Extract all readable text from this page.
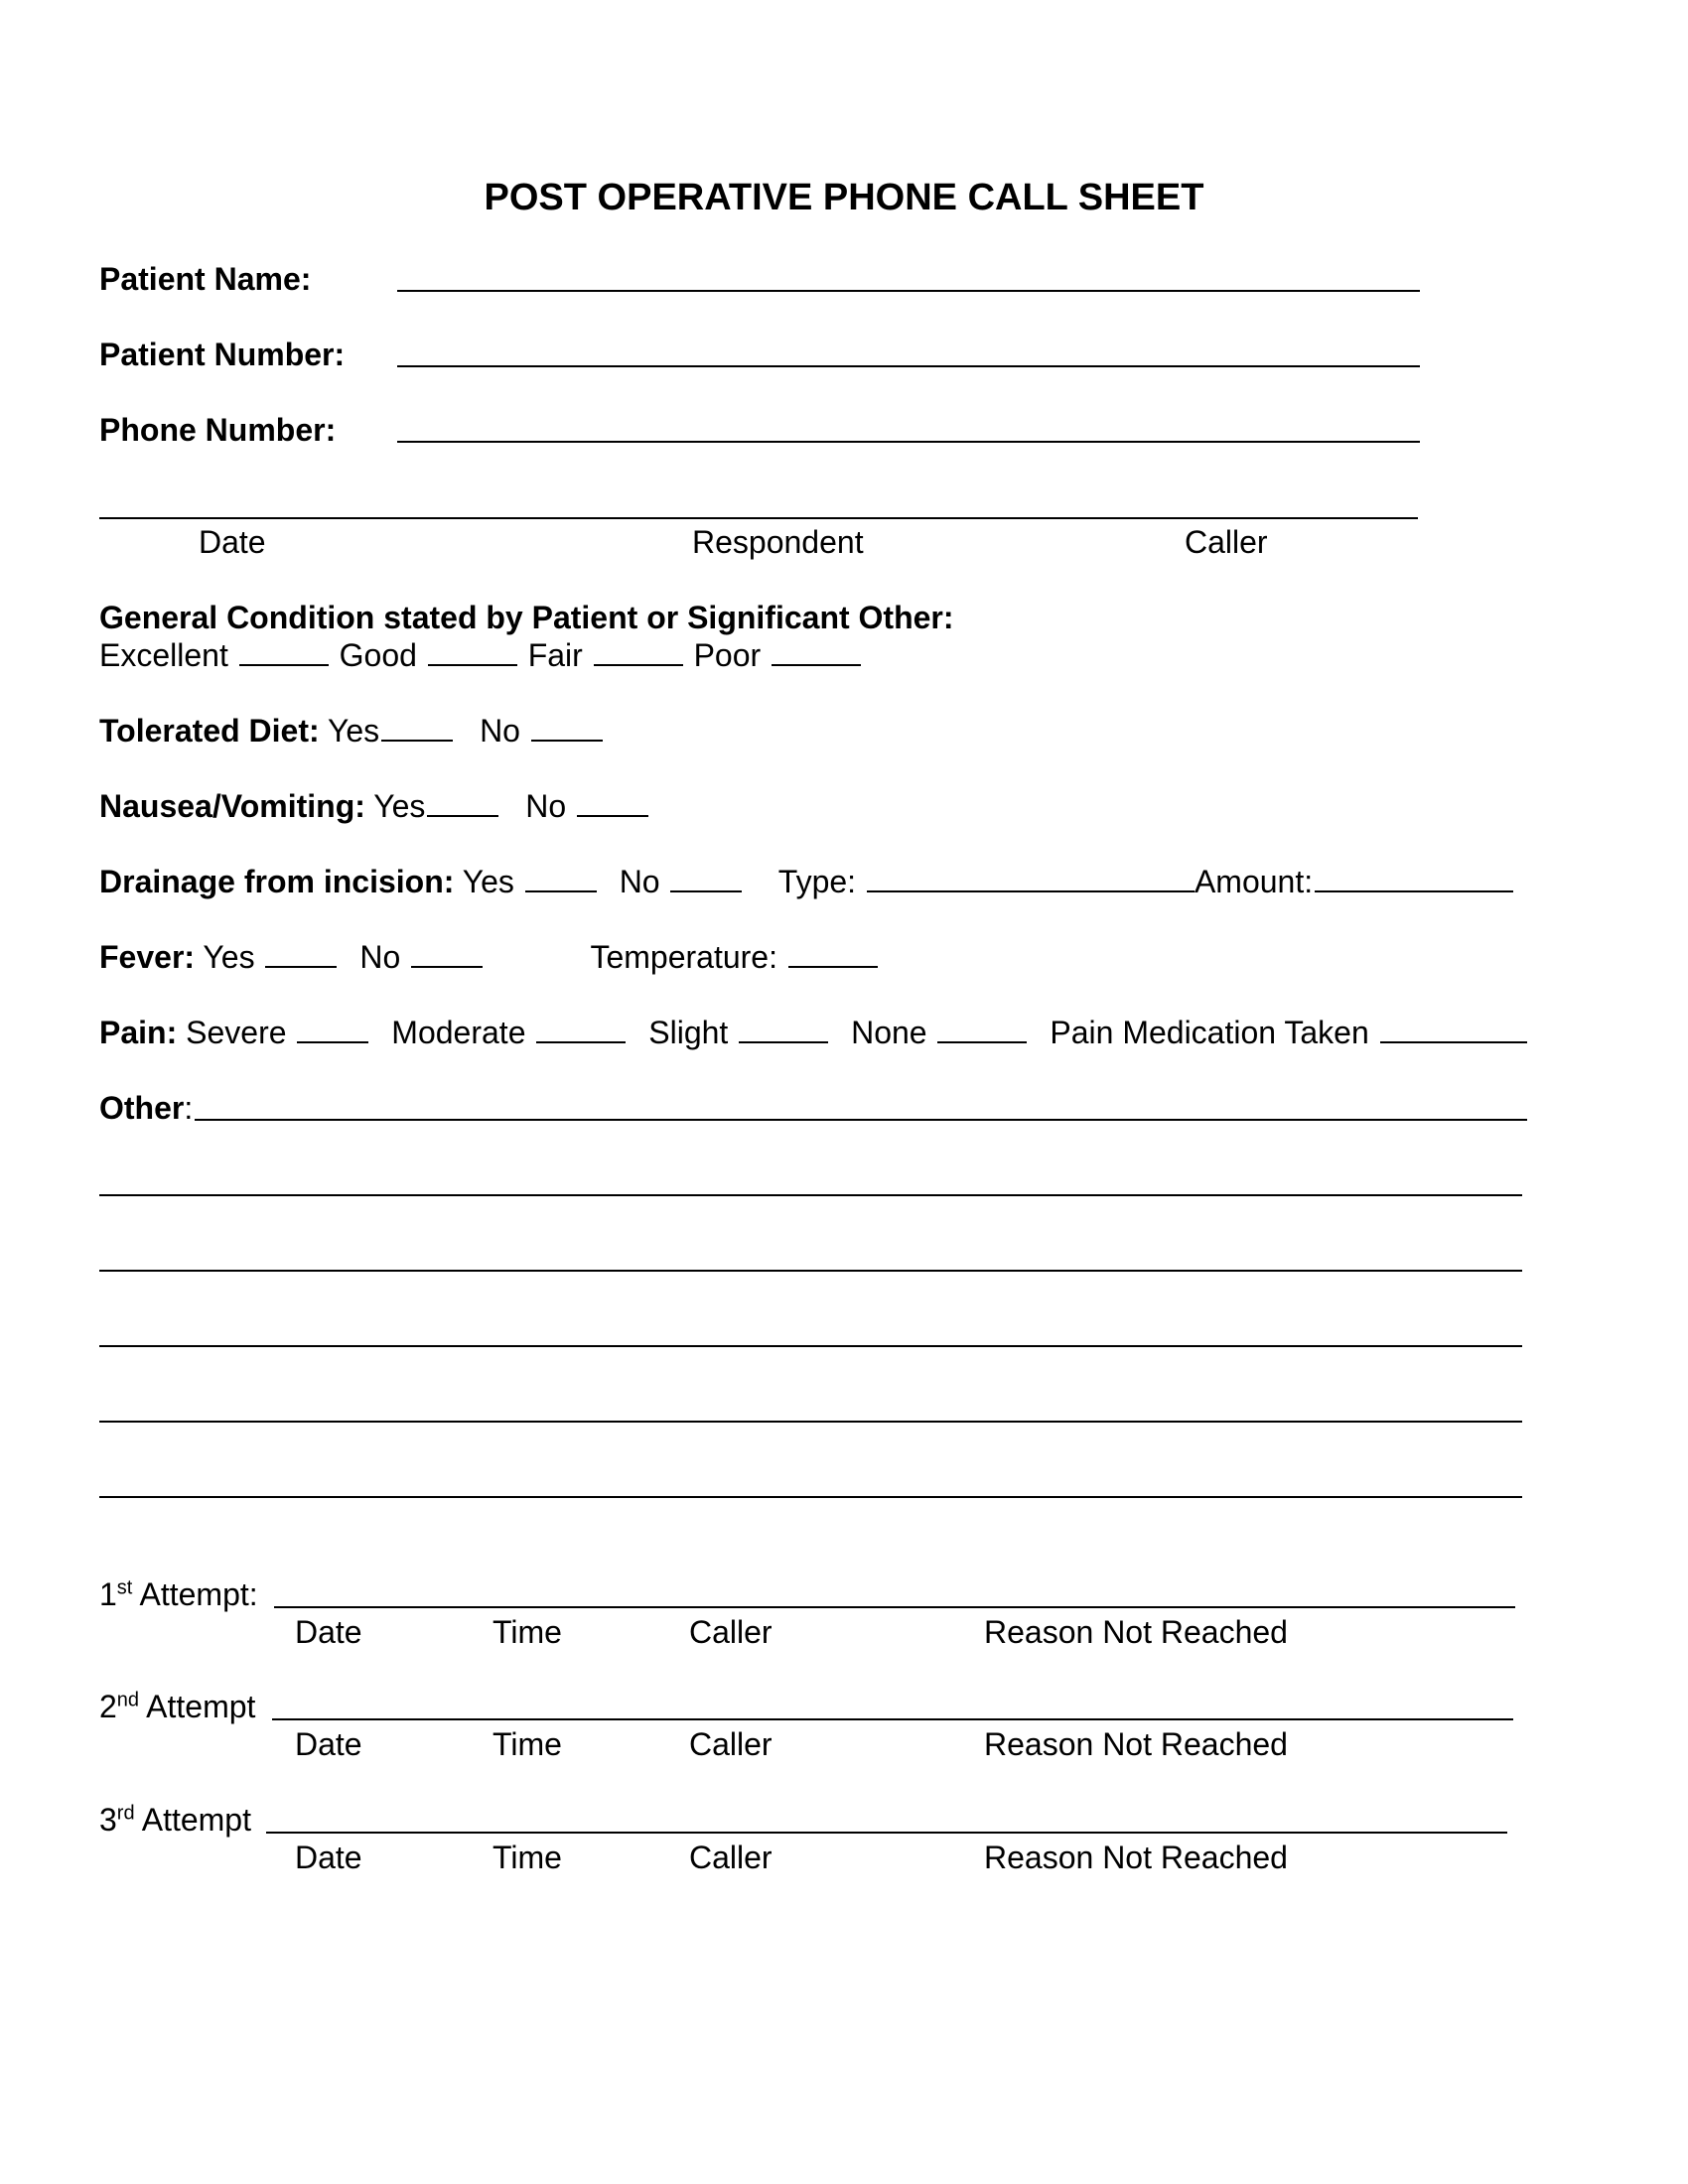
POST OPERATIVE PHONE CALL SHEET
Patient Name:
Patient Number:
Phone Number:
Date	Respondent	Caller
General Condition stated by Patient or Significant Other:
Excellent	Good	Fair	Poor
Tolerated Diet: Yes	No
Nausea/Vomiting: Yes	No
Drainage from incision: Yes	No	Type:	Amount:
Fever: Yes	No	Temperature:
Pain: Severe	Moderate	Slight	None	Pain Medication Taken
Other:
1st Attempt:
Date	Time	Caller	Reason Not Reached
2nd Attempt
Date	Time	Caller	Reason Not Reached
3rd Attempt
Date	Time	Caller	Reason Not Reached
